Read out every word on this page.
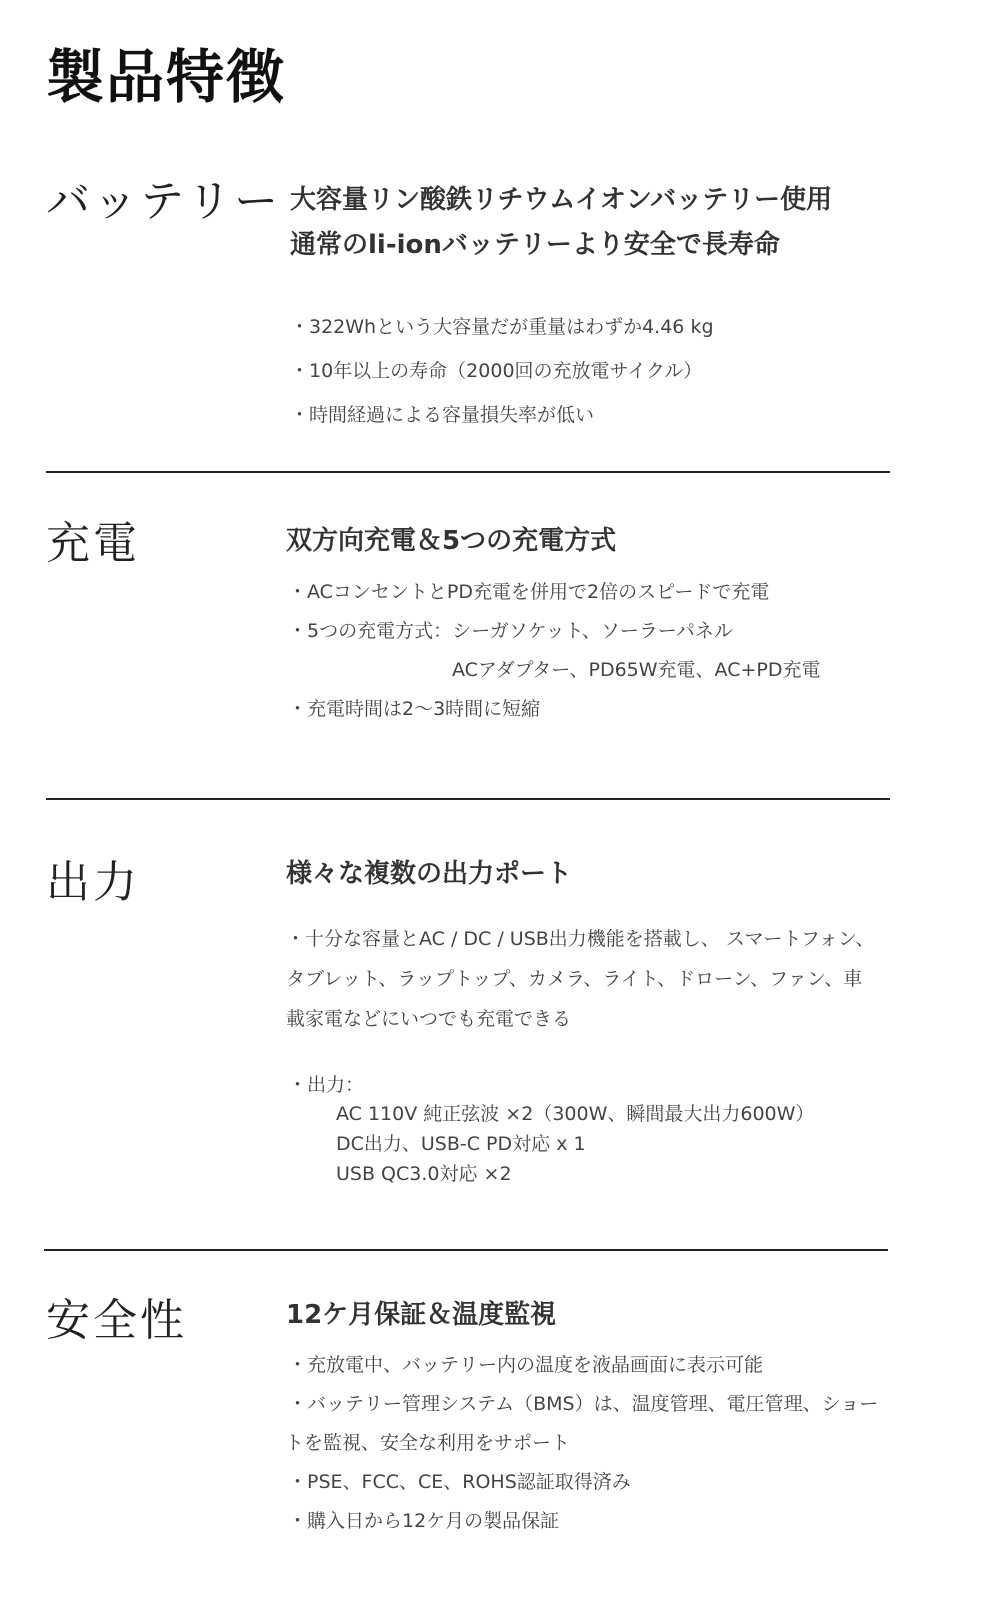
製品特徴
バッテリー 大容量リン酸鉄リチウムイオンバッテリー使用
通常のli-ionバッテリーより安全で長寿命
・322Whという大容量だが重量はわずか4.46 kg
・10年以上の寿命（2000回の充放電サイクル）
・時間経過による容量損失率が低い
充電	双方向充電＆5つの充電方式
・ACコンセントとPD充電を併用で2倍のスピードで充電
・5つの充電方式：シーガソケット、ソーラーパネル
ACアダプター、PD65W充電、AC+PD充電
・充電時間は2～3時間に短縮
出力	様々な複数の出力ポート
・十分な容量とAC / DC / USB出力機能を搭載し、 スマートフォン、
タブレット、ラップトップ、カメラ、ライト、ドローン、ファン、車
載家電などにいつでも充電できる
・出力：
AC 110V 純正弦波 ×2（300W、瞬間最大出力600W）
DC出力、USB-C PD対応 x 1
USB QC3.0対応 ×2
安全性	12ケ月保証＆温度監視
・充放電中、バッテリー内の温度を液晶画面に表示可能
・バッテリー管理システム（BMS）は、温度管理、電圧管理、ショー
トを監視、安全な利用をサポート
・PSE、FCC、CE、ROHS認証取得済み
・購入日から12ケ月の製品保証
